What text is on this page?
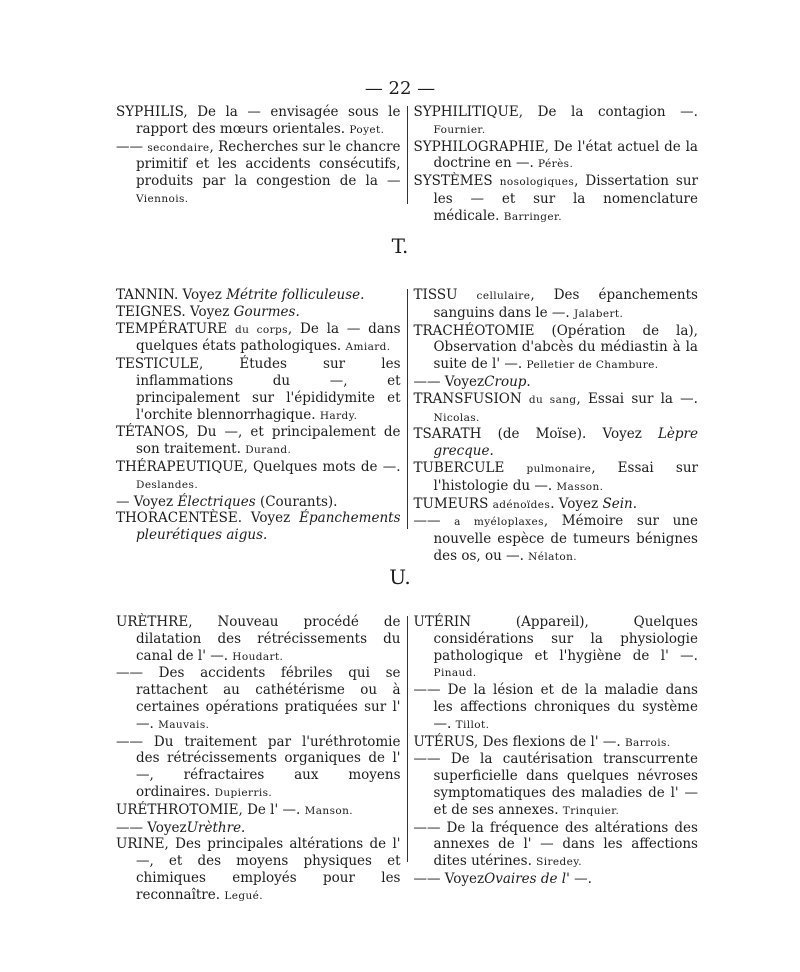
— 22 —

SYPHILIS, De la — envisagée sous le rapport des mœurs orientales. Poyet.

—— secondaire, Recherches sur le chancre primitif et les accidents consécutifs, produits par la congestion de la — Viennois.

SYPHILITIQUE, De la contagion —. Fournier.

SYPHILOGRAPHIE, De l'état actuel de la doctrine en —. Pérès.

SYSTÈMES nosologiques, Dissertation sur les — et sur la nomenclature médicale. Barringer.

T.

TANNIN. Voyez Métrite folliculeuse.

TEIGNES. Voyez Gourmes.

TEMPÉRATURE du corps, De la — dans quelques états pathologiques. Amiard.

TESTICULE, Études sur les inflammations du —, et principalement sur l'épididymite et l'orchite blennorrhagique. Hardy.

TÉTANOS, Du —, et principalement de son traitement. Durand.

THÉRAPEUTIQUE, Quelques mots de —. Deslandes.

— Voyez Électriques (Courants).

THORACENTÈSE. Voyez Épanchements pleurétiques aigus.

TISSU cellulaire, Des épanchements sanguins dans le —. Jalabert.

TRACHÉOTOMIE (Opération de la), Observation d'abcès du médiastin à la suite de l' —. Pelletier de Chambure.

—— VoyezCroup.

TRANSFUSION du sang, Essai sur la —. Nicolas.

TSARATH (de Moïse). Voyez Lèpre grecque.

TUBERCULE pulmonaire, Essai sur l'histologie du —. Masson.

TUMEURS adénoïdes. Voyez Sein.

—— a myéloplaxes, Mémoire sur une nouvelle espèce de tumeurs bénignes des os, ou —. Nélaton.

U.

URÈTHRE, Nouveau procédé de dilatation des rétrécissements du canal de l' —. Houdart.

—— Des accidents fébriles qui se rattachent au cathétérisme ou à certaines opérations pratiquées sur l' —. Mauvais.

—— Du traitement par l'uréthrotomie des rétrécissements organiques de l' —, réfractaires aux moyens ordinaires. Dupierris.

URÉTHROTOMIE, De l' —. Manson.

—— VoyezUrèthre.

URINE, Des principales altérations de l' —, et des moyens physiques et chimiques employés pour les reconnaître. Legué.

UTÉRIN (Appareil), Quelques considérations sur la physiologie pathologique et l'hygiène de l' —. Pinaud.

—— De la lésion et de la maladie dans les affections chroniques du système —. Tillot.

UTÉRUS, Des flexions de l' —. Barrois.

—— De la cautérisation transcurrente superficielle dans quelques névroses symptomatiques des maladies de l' — et de ses annexes. Trinquier.

—— De la fréquence des altérations des annexes de l' — dans les affections dites utérines. Siredey.

—— VoyezOvaires de l' —.
